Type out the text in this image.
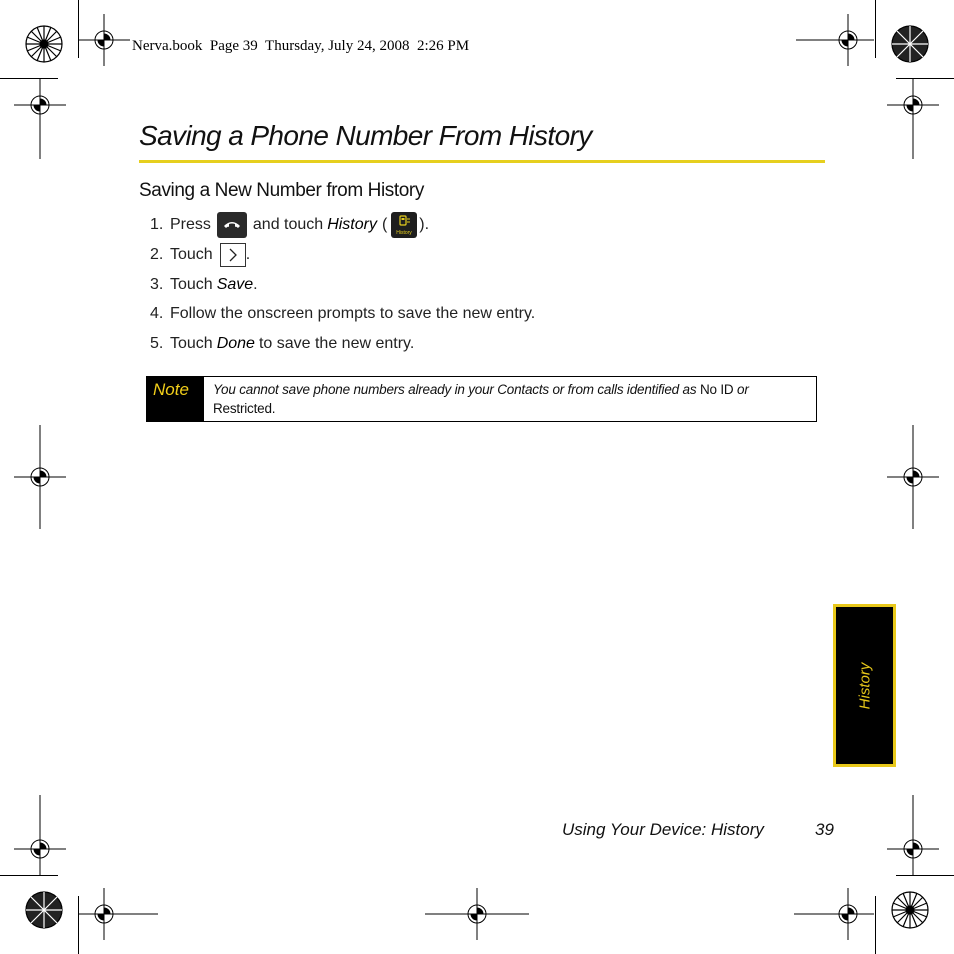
Nerva.book  Page 39  Thursday, July 24, 2008  2:26 PM
Saving a Phone Number From History
Saving a New Number from History
1. Press	and touch History ( History ).
2. Touch .
3. Touch Save .
4. Follow the onscreen prompts to save the new entry.
5. Touch Done to save the new entry.
Note	You cannot save phone numbers already in your Contacts or from calls identified as No ID or Restricted.
History
Using Your Device: History	39
